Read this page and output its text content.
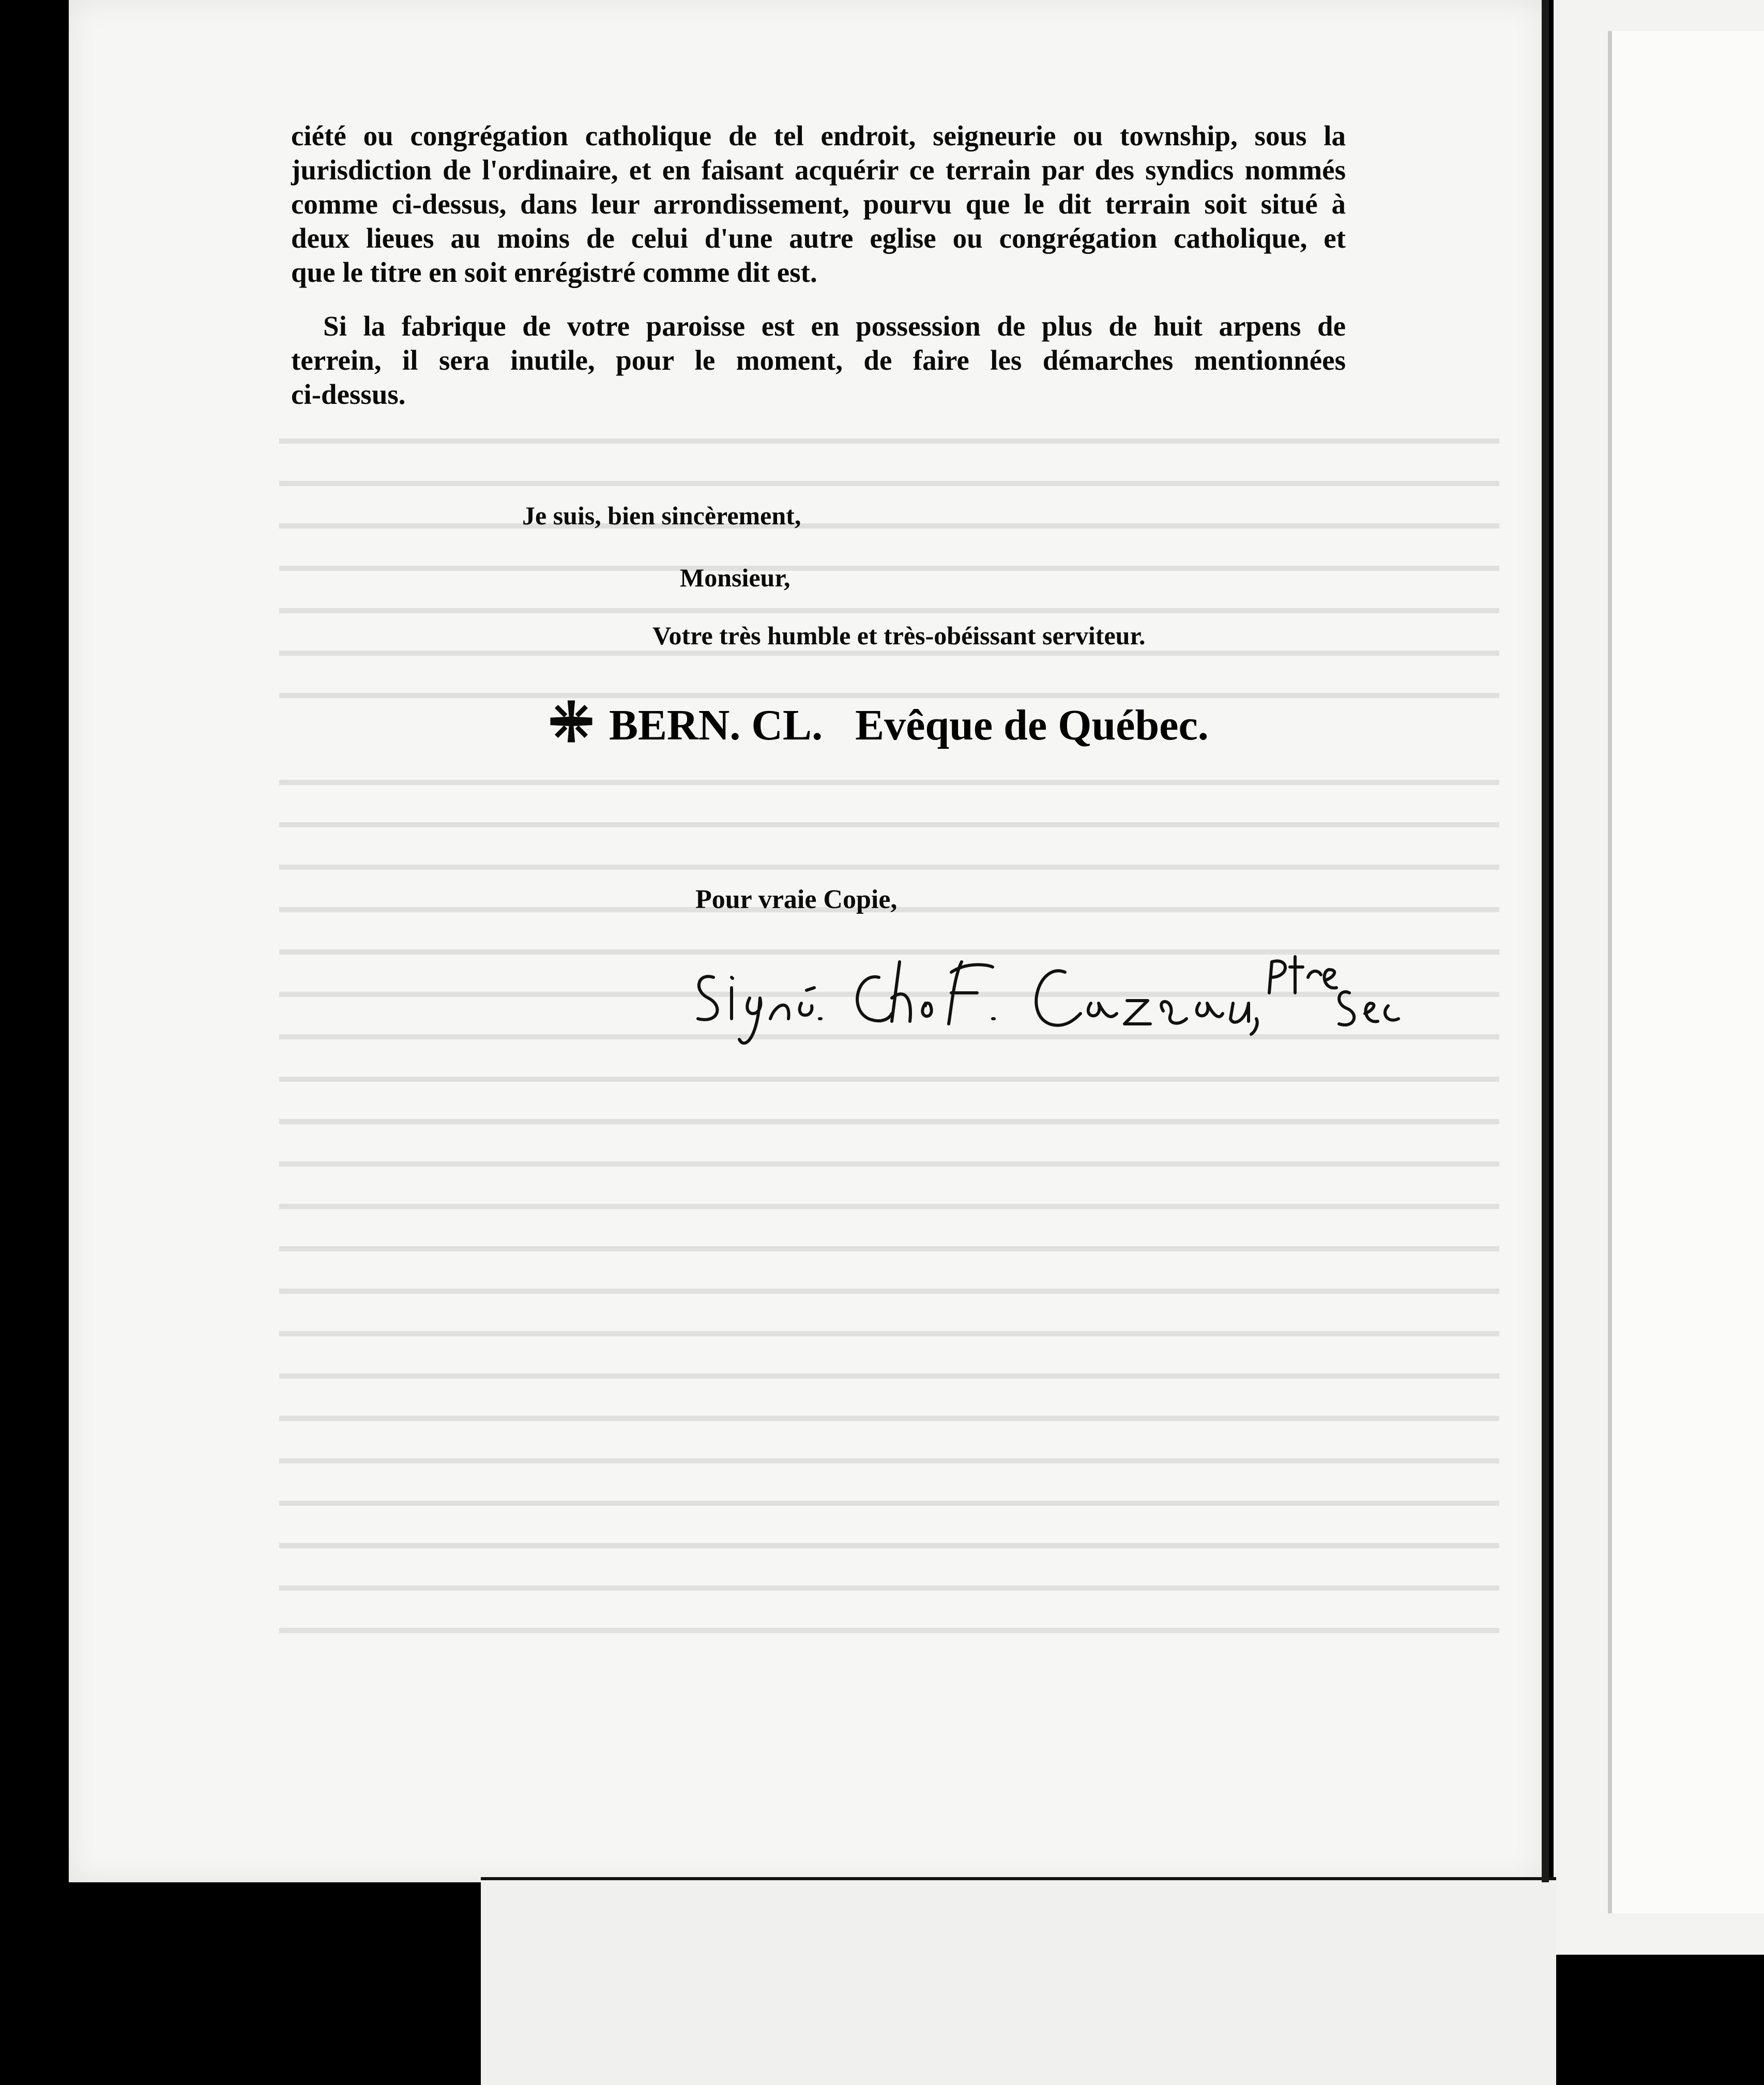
ciété ou congrégation catholique de tel endroit, seigneurie ou township, sous la
jurisdiction de l'ordinaire, et en faisant acquérir ce terrain par des syndics nommés
comme ci-dessus, dans leur arrondissement, pourvu que le dit terrain soit situé à
deux lieues au moins de celui d'une autre eglise ou congrégation catholique, et
que le titre en soit enrégistré comme dit est.
Si la fabrique de votre paroisse est en possession de plus de huit arpens de
terrein, il sera inutile, pour le moment, de faire les démarches mentionnées
ci-dessus.
Je suis, bien sincèrement,
Monsieur,
Votre très humble et très-obéissant serviteur.
BERN. CL. Evêque de Québec.
Pour vraie Copie,
